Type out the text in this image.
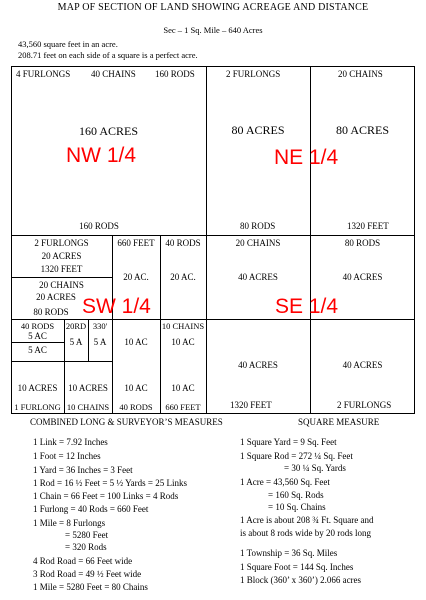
MAP OF SECTION OF LAND SHOWING ACREAGE AND DISTANCE
Sec – 1 Sq. Mile – 640 Acres
43,560 square feet in an acre.
208.71 feet on each side of a square is a perfect acre.
4 FURLONGS 40 CHAINS 160 RODS
160 ACRES
NW 1/4
160 RODS
2 FURLONGS	20 CHAINS
80 ACRES	80 ACRES
NE 1/4
80 RODS	1320 FEET
2 FURLONGS
20 ACRES
1320 FEET
20 CHAINS
20 ACRES
80 RODS
660 FEET	40 RODS
20 AC.	20 AC.
SW 1/4
40 RODS
5 AC
5 AC
20RD 330'
5 A	5 A	10 AC
10 CHAINS
10 AC
10 ACRES	10 ACRES	10 AC	10 AC
1 FURLONG 10 CHAINS	40 RODS	660 FEET
20 CHAINS	80 RODS
40 ACRES	40 ACRES
SE 1/4
40 ACRES	40 ACRES
1320 FEET	2 FURLONGS
COMBINED LONG & SURVEYOR’S MEASURES	SQUARE MEASURE
1 Link = 7.92 Inches
1 Foot = 12 Inches
1 Yard = 36 Inches = 3 Feet
1 Rod = 16 ½ Feet = 5 ½ Yards = 25 Links
1 Chain = 66 Feet = 100 Links = 4 Rods
1 Furlong = 40 Rods = 660 Feet
1 Mile = 8 Furlongs
= 5280 Feet
= 320 Rods
4 Rod Road = 66 Feet wide
3 Rod Road = 49 ½ Feet wide
1 Mile = 5280 Feet = 80 Chains
1 Square Yard = 9 Sq. Feet
1 Square Rod = 272 ¼ Sq. Feet
= 30 ¼ Sq. Yards
1 Acre = 43,560 Sq. Feet
= 160 Sq. Rods
= 10 Sq. Chains
1 Acre is about 208 ¾ Ft. Square and
is about 8 rods wide by 20 rods long
1 Township = 36 Sq. Miles
1 Square Foot = 144 Sq. Inches
1 Block (360’ x 360’) 2.066 acres
